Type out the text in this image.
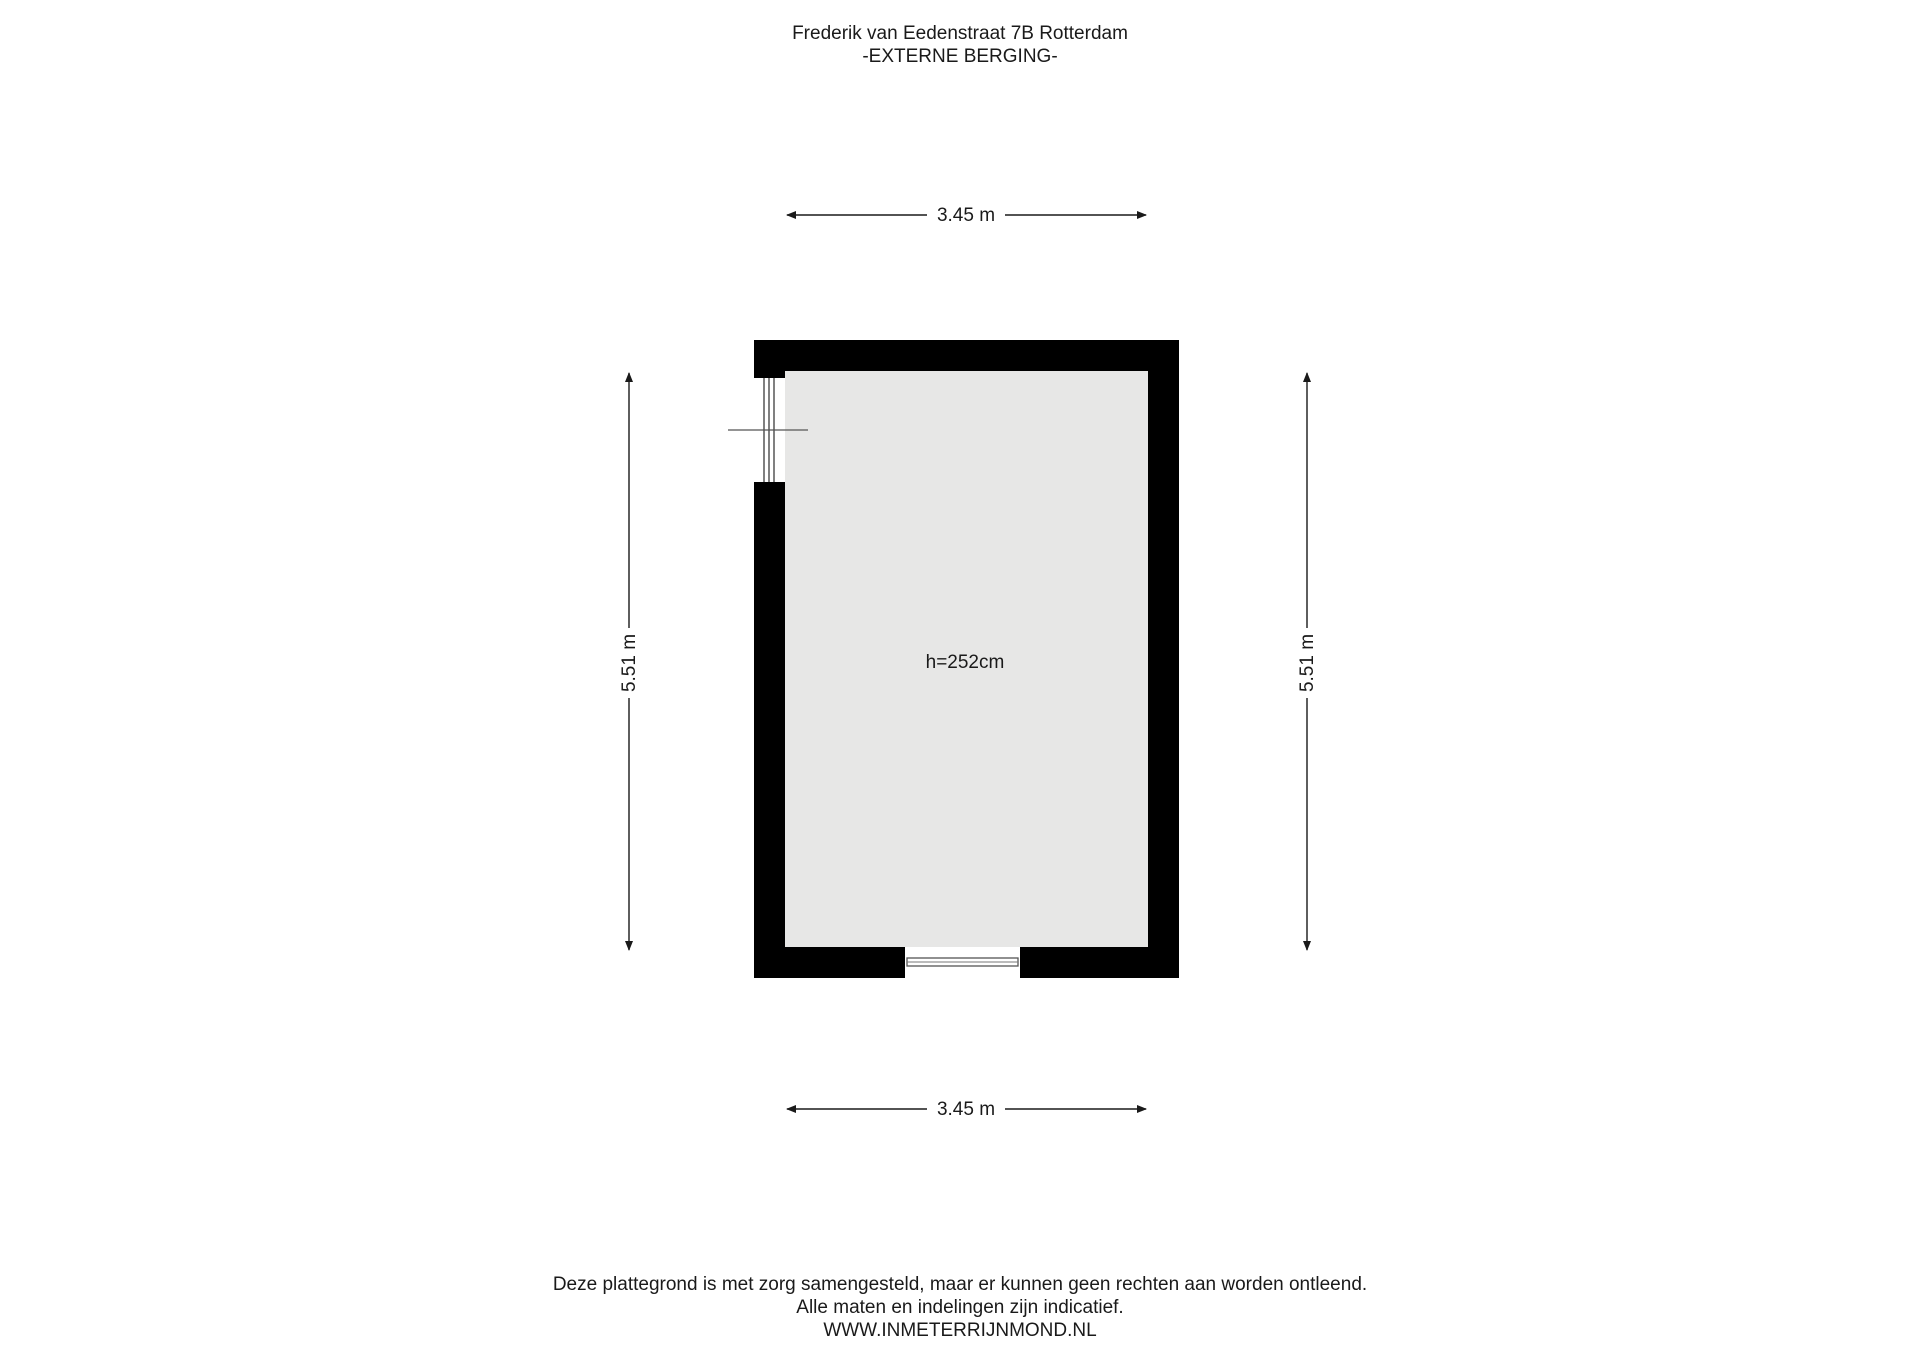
Frederik van Eedenstraat 7B Rotterdam
-EXTERNE BERGING-
h=252cm
3.45 m
3.45 m
5.51 m	5.51 m
Deze plattegrond is met zorg samengesteld, maar er kunnen geen rechten aan worden ontleend.
Alle maten en indelingen zijn indicatief.
WWW.INMETERRIJNMOND.NL
